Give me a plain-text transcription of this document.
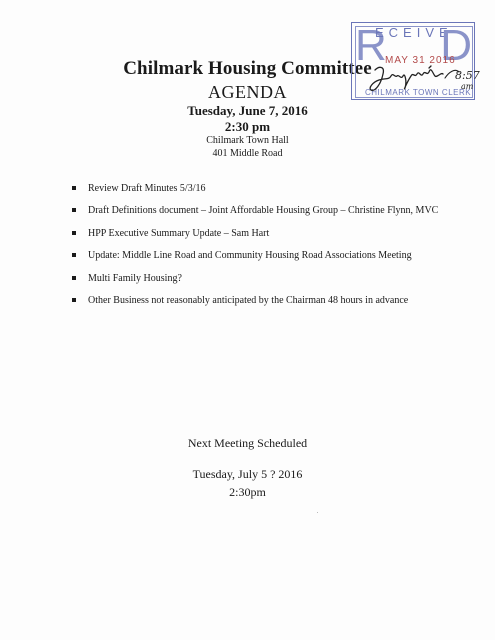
Chilmark Housing Committee
AGENDA
Tuesday, June 7, 2016
2:30 pm
Chilmark Town Hall
401 Middle Road
R
ECEIVE
D
MAY 31 2016
CHILMARK TOWN CLERK
8:57
am
Review Draft Minutes 5/3/16
Draft Definitions document – Joint Affordable Housing Group – Christine Flynn, MVC
HPP Executive Summary Update – Sam Hart
Update: Middle Line Road and Community Housing Road Associations Meeting
Multi Family Housing?
Other Business not reasonably anticipated by the Chairman 48 hours in advance
Next Meeting Scheduled
Tuesday, July 5 ? 2016
2:30pm
